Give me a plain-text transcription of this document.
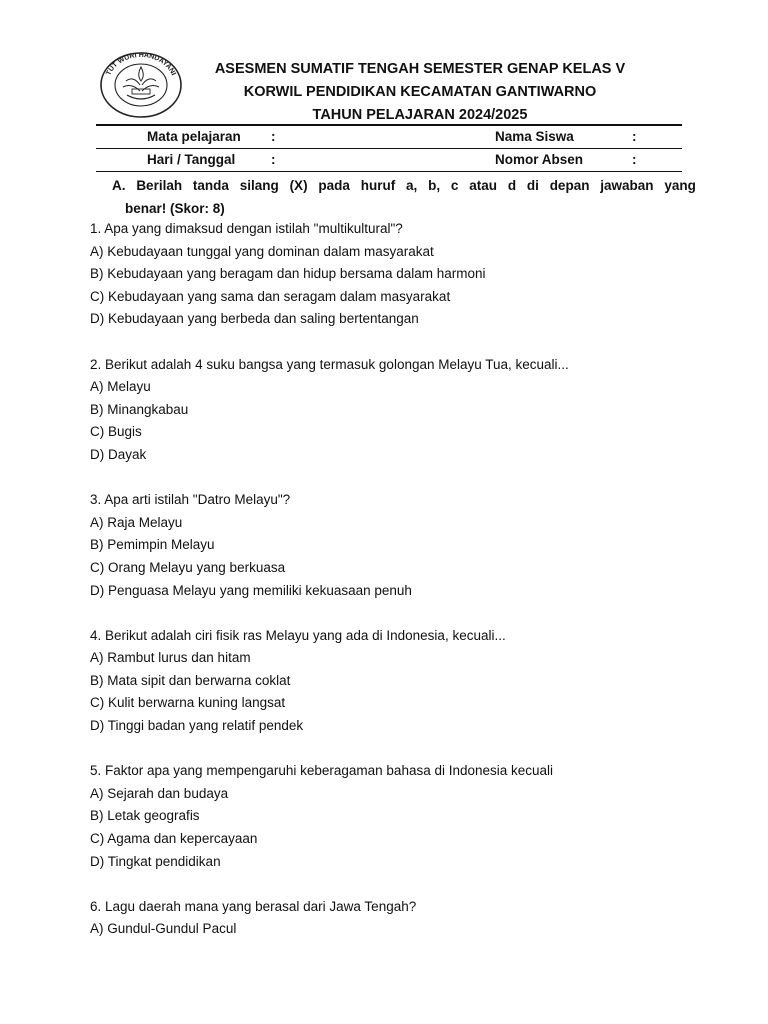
TUT WURI HANDAYANI	ASESMEN SUMATIF TENGAH SEMESTER GENAP KELAS V
KORWIL PENDIDIKAN KECAMATAN GANTIWARNO
TAHUN PELAJARAN 2024/2025
Mata pelajaran :	Nama Siswa	:
Hari / Tanggal	:	Nomor Absen	:
A. Berilah tanda silang (X) pada huruf a, b, c atau d di depan jawaban yang
benar! (Skor: 8)
1. Apa yang dimaksud dengan istilah "multikultural"?
A) Kebudayaan tunggal yang dominan dalam masyarakat
B) Kebudayaan yang beragam dan hidup bersama dalam harmoni
C) Kebudayaan yang sama dan seragam dalam masyarakat
D) Kebudayaan yang berbeda dan saling bertentangan
2. Berikut adalah 4 suku bangsa yang termasuk golongan Melayu Tua, kecuali...
A) Melayu
B) Minangkabau
C) Bugis
D) Dayak
3. Apa arti istilah "Datro Melayu"?
A) Raja Melayu
B) Pemimpin Melayu
C) Orang Melayu yang berkuasa
D) Penguasa Melayu yang memiliki kekuasaan penuh
4. Berikut adalah ciri fisik ras Melayu yang ada di Indonesia, kecuali...
A) Rambut lurus dan hitam
B) Mata sipit dan berwarna coklat
C) Kulit berwarna kuning langsat
D) Tinggi badan yang relatif pendek
5. Faktor apa yang mempengaruhi keberagaman bahasa di Indonesia kecuali
A) Sejarah dan budaya
B) Letak geografis
C) Agama dan kepercayaan
D) Tingkat pendidikan
6. Lagu daerah mana yang berasal dari Jawa Tengah?
A) Gundul-Gundul Pacul
